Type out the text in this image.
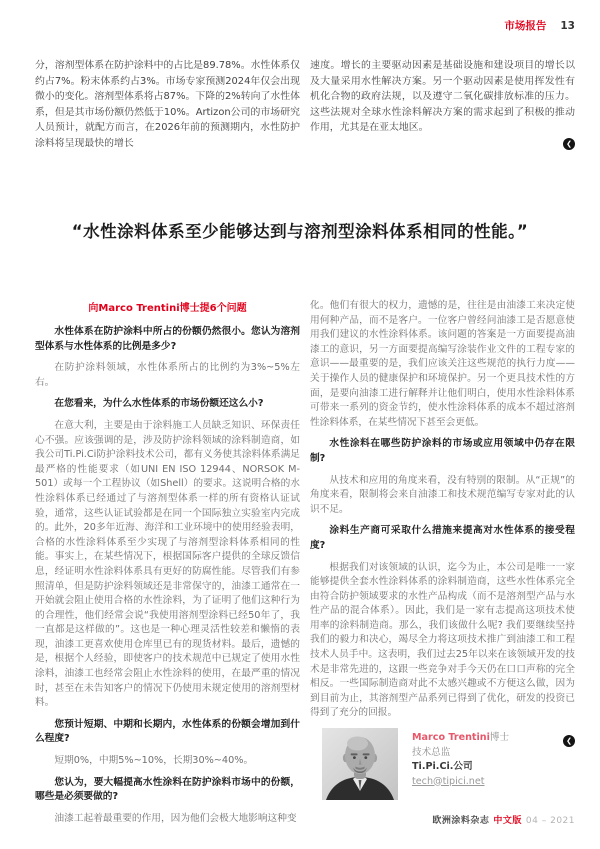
市场报告 13

分，溶剂型体系在防护涂料中的占比是89.78%。水性体系仅约占7%。粉末体系约占3%。市场专家预测2024年仅会出现微小的变化。溶剂型体系将占87%。下降的2%转向了水性体系，但是其市场份额仍然低于10%。Artizon公司的市场研究人员预计，就配方而言，在2026年前的预测期内，水性防护涂料将呈现最快的增长

速度。增长的主要驱动因素是基础设施和建设项目的增长以及大量采用水性解决方案。另一个驱动因素是使用挥发性有机化合物的政府法规，以及遵守二氧化碳排放标准的压力。这些法规对全球水性涂料解决方案的需求起到了积极的推动作用，尤其是在亚太地区。

❮
“水性涂料体系至少能够达到与溶剂型涂料体系相同的性能。”
向Marco Trentini博士提6个问题

水性体系在防护涂料中所占的份额仍然很小。您认为溶剂型体系与水性体系的比例是多少?

在防护涂料领域，水性体系所占的比例约为3%~5%左右。

在您看来，为什么水性体系的市场份额还这么小?

在意大利，主要是由于涂料施工人员缺乏知识、环保责任心不强。应该强调的是，涉及防护涂料领域的涂料制造商，如我公司Ti.Pi.Ci防护涂料技术公司，都有义务使其涂料体系满足最严格的性能要求（如UNI EN ISO 12944、NORSOK M-501）或每一个工程协议（如Shell）的要求。这说明合格的水性涂料体系已经通过了与溶剂型体系一样的所有资格认证试验，通常，这些认证试验都是在同一个国际独立实验室内完成的。此外，20多年近海、海洋和工业环境中的使用经验表明，合格的水性涂料体系至少实现了与溶剂型涂料体系相同的性能。事实上，在某些情况下，根据国际客户提供的全球反馈信息，经证明水性涂料体系具有更好的防腐性能。尽管我们有参照清单，但是防护涂料领域还是非常保守的，油漆工通常在一开始就会阻止使用合格的水性涂料，为了证明了他们这种行为的合理性，他们经常会说“我使用溶剂型涂料已经50年了，我一直都是这样做的”。这也是一种心理灵活性较差和懒惰的表现，油漆工更喜欢使用仓库里已有的现货材料。最后，遗憾的是，根据个人经验，即使客户的技术规范中已规定了使用水性涂料，油漆工也经常会阻止水性涂料的使用，在最严重的情况时，甚至在未告知客户的情况下仍使用未规定使用的溶剂型材料。

您预计短期、中期和长期内，水性体系的份额会增加到什么程度?

短期0%，中期5%~10%，长期30%~40%。

您认为，要大幅提高水性涂料在防护涂料市场中的份额，哪些是必须要做的?

油漆工起着最重要的作用，因为他们会极大地影响这种变

化。他们有很大的权力，遗憾的是，往往是由油漆工来决定使用何种产品，而不是客户。一位客户曾经问油漆工是否愿意使用我们建议的水性涂料体系。该问题的答案是一方面要提高油漆工的意识，另一方面要提高编写涂装作业文件的工程专家的意识——最重要的是，我们应该关注这些规范的执行力度——关于操作人员的健康保护和环境保护。另一个更具技术性的方面，是要向油漆工进行解释并让他们明白，使用水性涂料体系可带来一系列的资金节约，使水性涂料体系的成本不超过溶剂性涂料体系，在某些情况下甚至会更低。

水性涂料在哪些防护涂料的市场或应用领域中仍存在限制?

从技术和应用的角度来看，没有特别的限制。从“正规”的角度来看，限制将会来自油漆工和技术规范编写专家对此的认识不足。

涂料生产商可采取什么措施来提高对水性体系的接受程度?

根据我们对该领域的认识，迄今为止，本公司是唯一一家能够提供全套水性涂料体系的涂料制造商，这些水性体系完全由符合防护领域要求的水性产品构成（而不是溶剂型产品与水性产品的混合体系）。因此，我们是一家有志提高这项技术使用率的涂料制造商。那么，我们该做什么呢? 我们要继续坚持我们的毅力和决心，竭尽全力将这项技术推广到油漆工和工程技术人员手中。这表明，我们过去25年以来在该领域开发的技术是非常先进的，这跟一些竞争对手今天仍在口口声称的完全相反。一些国际制造商对此不太感兴趣或不方便这么做，因为到目前为止，其溶剂型产品系列已得到了优化，研发的投资已得到了充分的回报。

❮
Marco Trentini博士
技术总监
Ti.Pi.Ci.公司
tech@tipici.net
欧洲涂料杂志 中文版 04 – 2021
